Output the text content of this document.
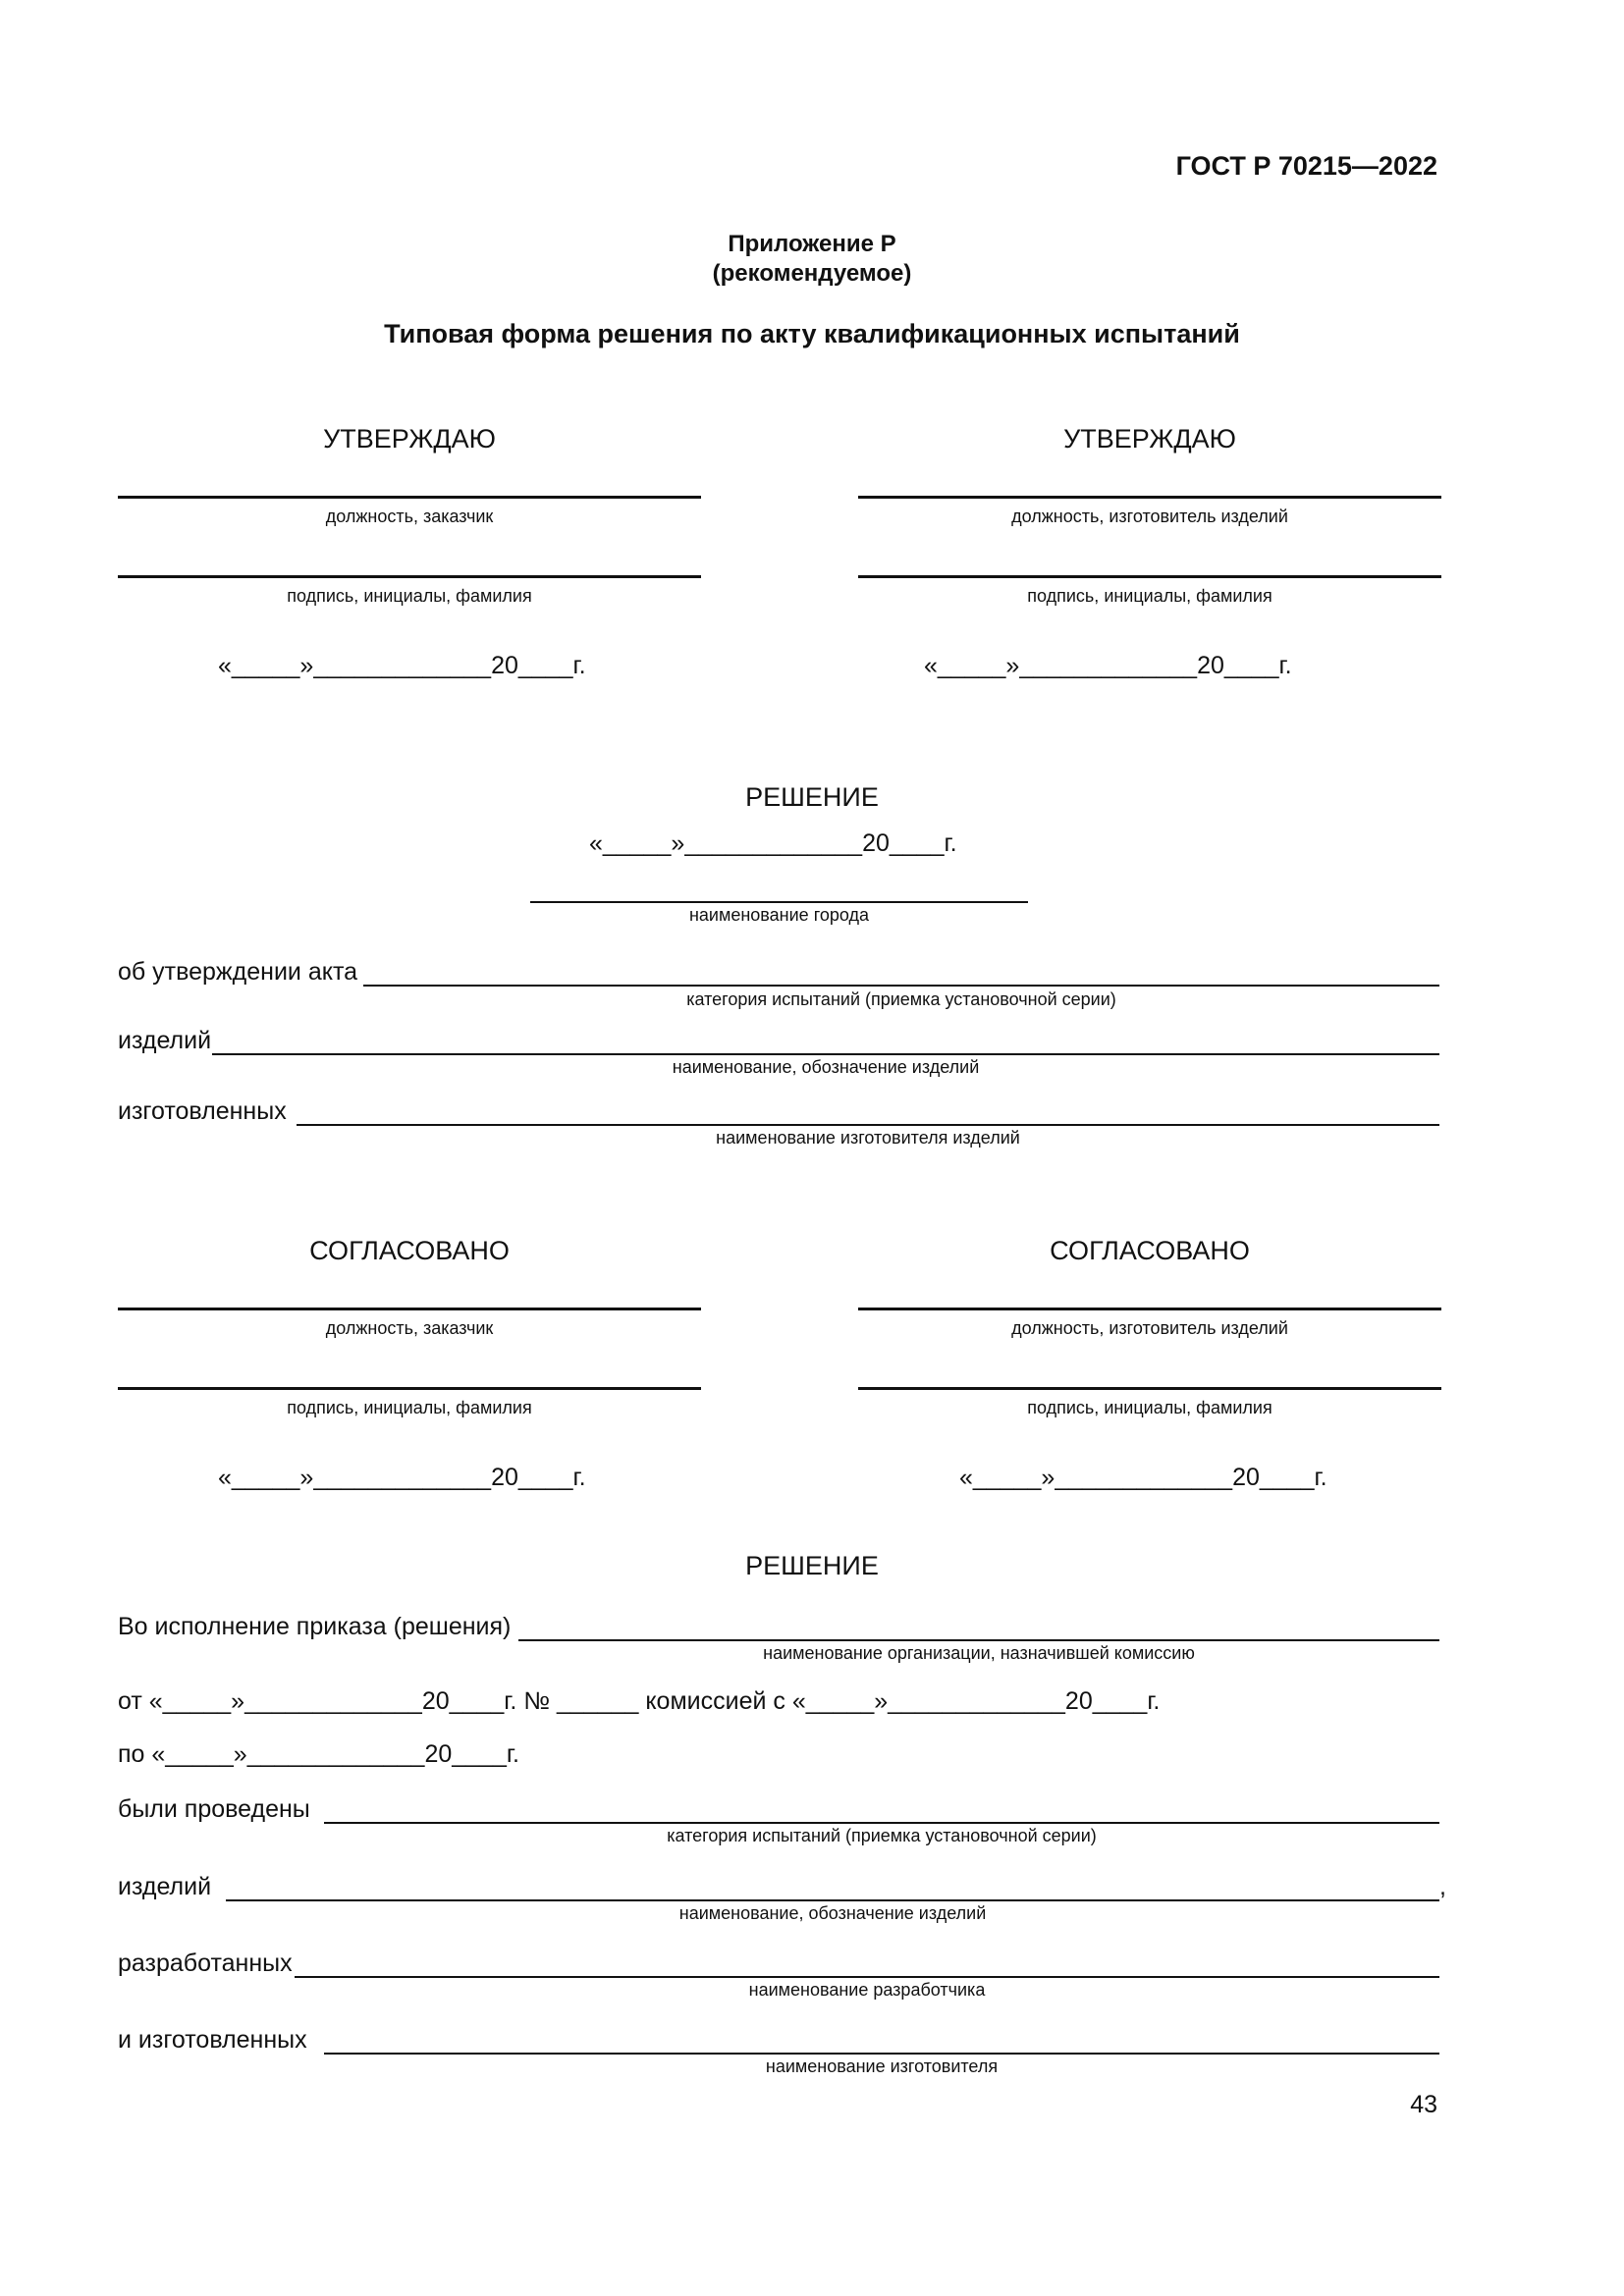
ГОСТ Р 70215—2022
Приложение Р
(рекомендуемое)
Типовая форма решения по акту квалификационных испытаний
УТВЕРЖДАЮ	УТВЕРЖДАЮ
должность, заказчик	должность, изготовитель изделий
подпись, инициалы, фамилия	подпись, инициалы, фамилия
«_____»_____________20____г.	«_____»_____________20____г.
РЕШЕНИЕ
«_____»_____________20____г.
наименование города
об утверждении акта
категория испытаний (приемка установочной серии)
изделий
наименование, обозначение изделий
изготовленных
наименование изготовителя изделий
СОГЛАСОВАНО	СОГЛАСОВАНО
должность, заказчик	должность, изготовитель изделий
подпись, инициалы, фамилия	подпись, инициалы, фамилия
«_____»_____________20____г.	«_____»_____________20____г.
РЕШЕНИЕ
Во исполнение приказа (решения)
наименование организации, назначившей комиссию
от «_____»_____________20____г. № ______ комиссией с «_____»_____________20____г.
по «_____»_____________20____г.
были проведены
категория испытаний (приемка установочной серии)
изделий	,
наименование, обозначение изделий
разработанных
наименование разработчика
и изготовленных
наименование изготовителя
43
